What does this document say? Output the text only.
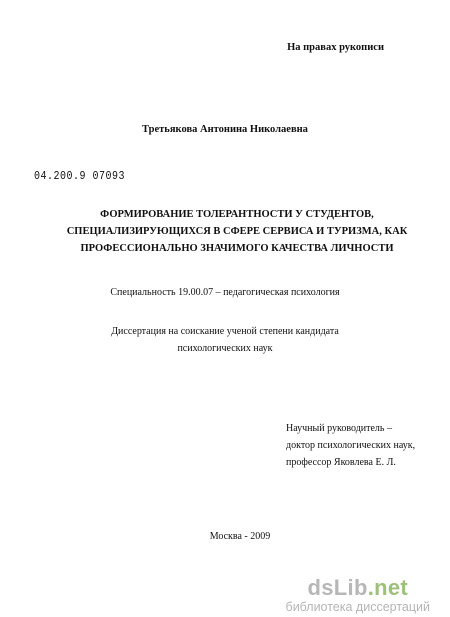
На правах рукописи
Третьякова Антонина Николаевна
04.200.9 07093
ФОРМИРОВАНИЕ ТОЛЕРАНТНОСТИ У СТУДЕНТОВ,
СПЕЦИАЛИЗИРУЮЩИХСЯ В СФЕРЕ СЕРВИСА И ТУРИЗМА, КАК
ПРОФЕССИОНАЛЬНО ЗНАЧИМОГО КАЧЕСТВА ЛИЧНОСТИ
Специальность 19.00.07 – педагогическая психология
Диссертация на соискание ученой степени кандидата
психологических наук
Научный руководитель –
доктор психологических наук,
профессор Яковлева Е. Л.
Москва - 2009
dsLib.net
библиотека диссертаций
